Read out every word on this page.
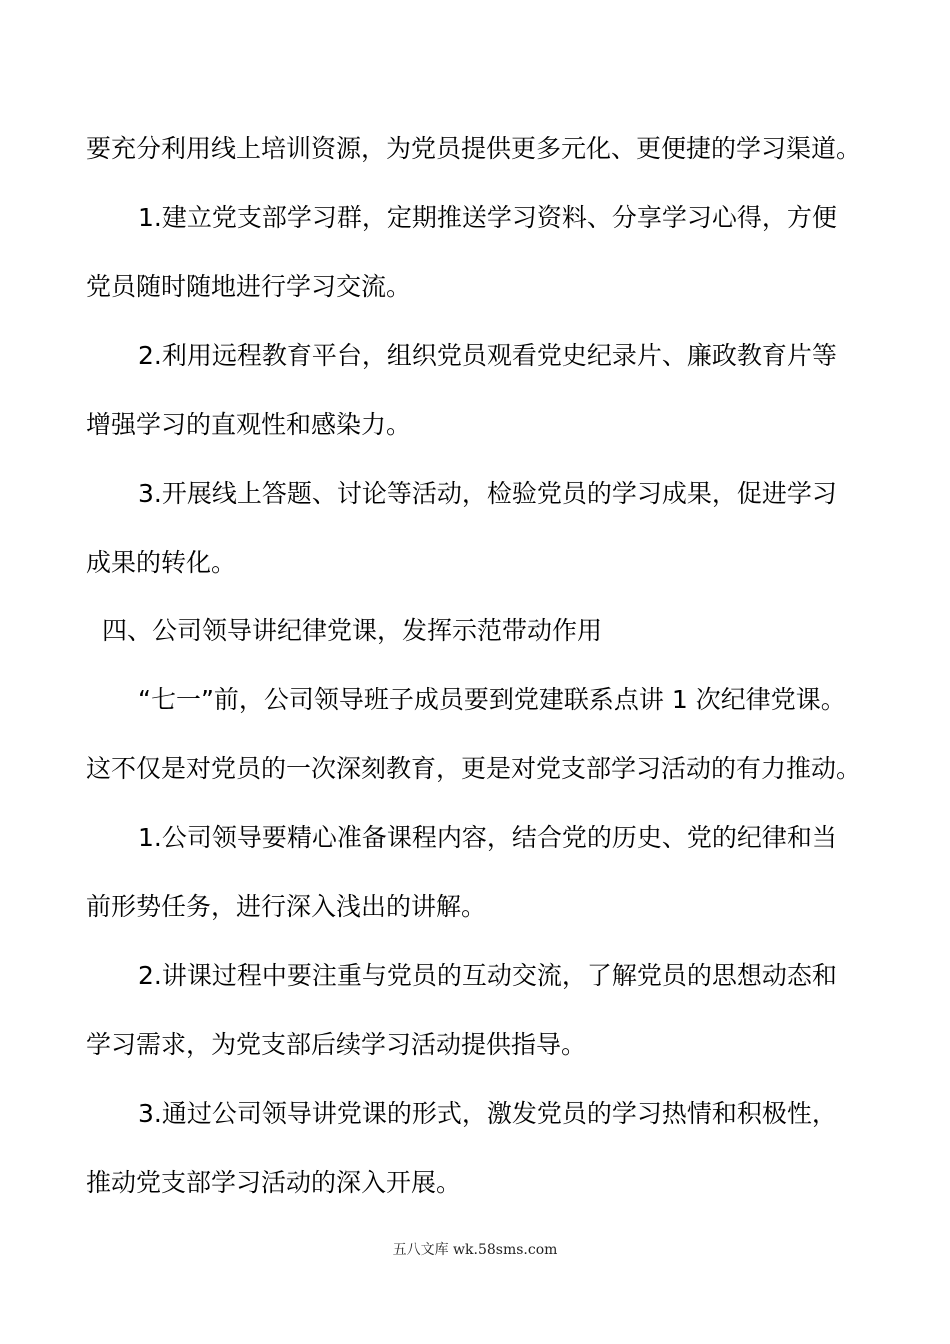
要充分利用线上培训资源，为党员提供更多元化、更便捷的学习渠道。
1.建立党支部学习群，定期推送学习资料、分享学习心得，方便
党员随时随地进行学习交流。
2.利用远程教育平台，组织党员观看党史纪录片、廉政教育片等
增强学习的直观性和感染力。
3.开展线上答题、讨论等活动，检验党员的学习成果，促进学习
成果的转化。
四、公司领导讲纪律党课，发挥示范带动作用
“七一”前，公司领导班子成员要到党建联系点讲 1 次纪律党课。
这不仅是对党员的一次深刻教育，更是对党支部学习活动的有力推动。
1.公司领导要精心准备课程内容，结合党的历史、党的纪律和当
前形势任务，进行深入浅出的讲解。
2.讲课过程中要注重与党员的互动交流，了解党员的思想动态和
学习需求，为党支部后续学习活动提供指导。
3.通过公司领导讲党课的形式，激发党员的学习热情和积极性，
推动党支部学习活动的深入开展。
五八文库 wk.58sms.com
